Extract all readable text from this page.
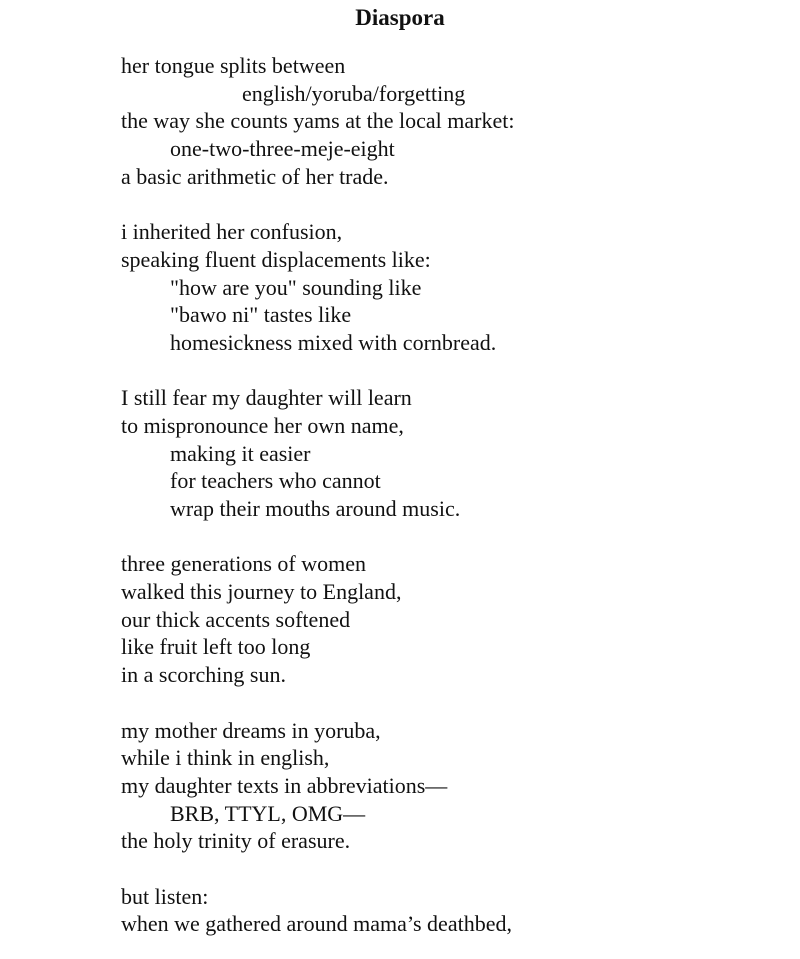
Diaspora
her tongue splits between
english/yoruba/forgetting
the way she counts yams at the local market:
one-two-three-meje-eight
a basic arithmetic of her trade.
i inherited her confusion,
speaking fluent displacements like:
"how are you" sounding like
"bawo ni" tastes like
homesickness mixed with cornbread.
I still fear my daughter will learn
to mispronounce her own name,
making it easier
for teachers who cannot
wrap their mouths around music.
three generations of women
walked this journey to England,
our thick accents softened
like fruit left too long
in a scorching sun.
my mother dreams in yoruba,
while i think in english,
my daughter texts in abbreviations—
BRB, TTYL, OMG—
the holy trinity of erasure.
but listen:
when we gathered around mama’s deathbed,
